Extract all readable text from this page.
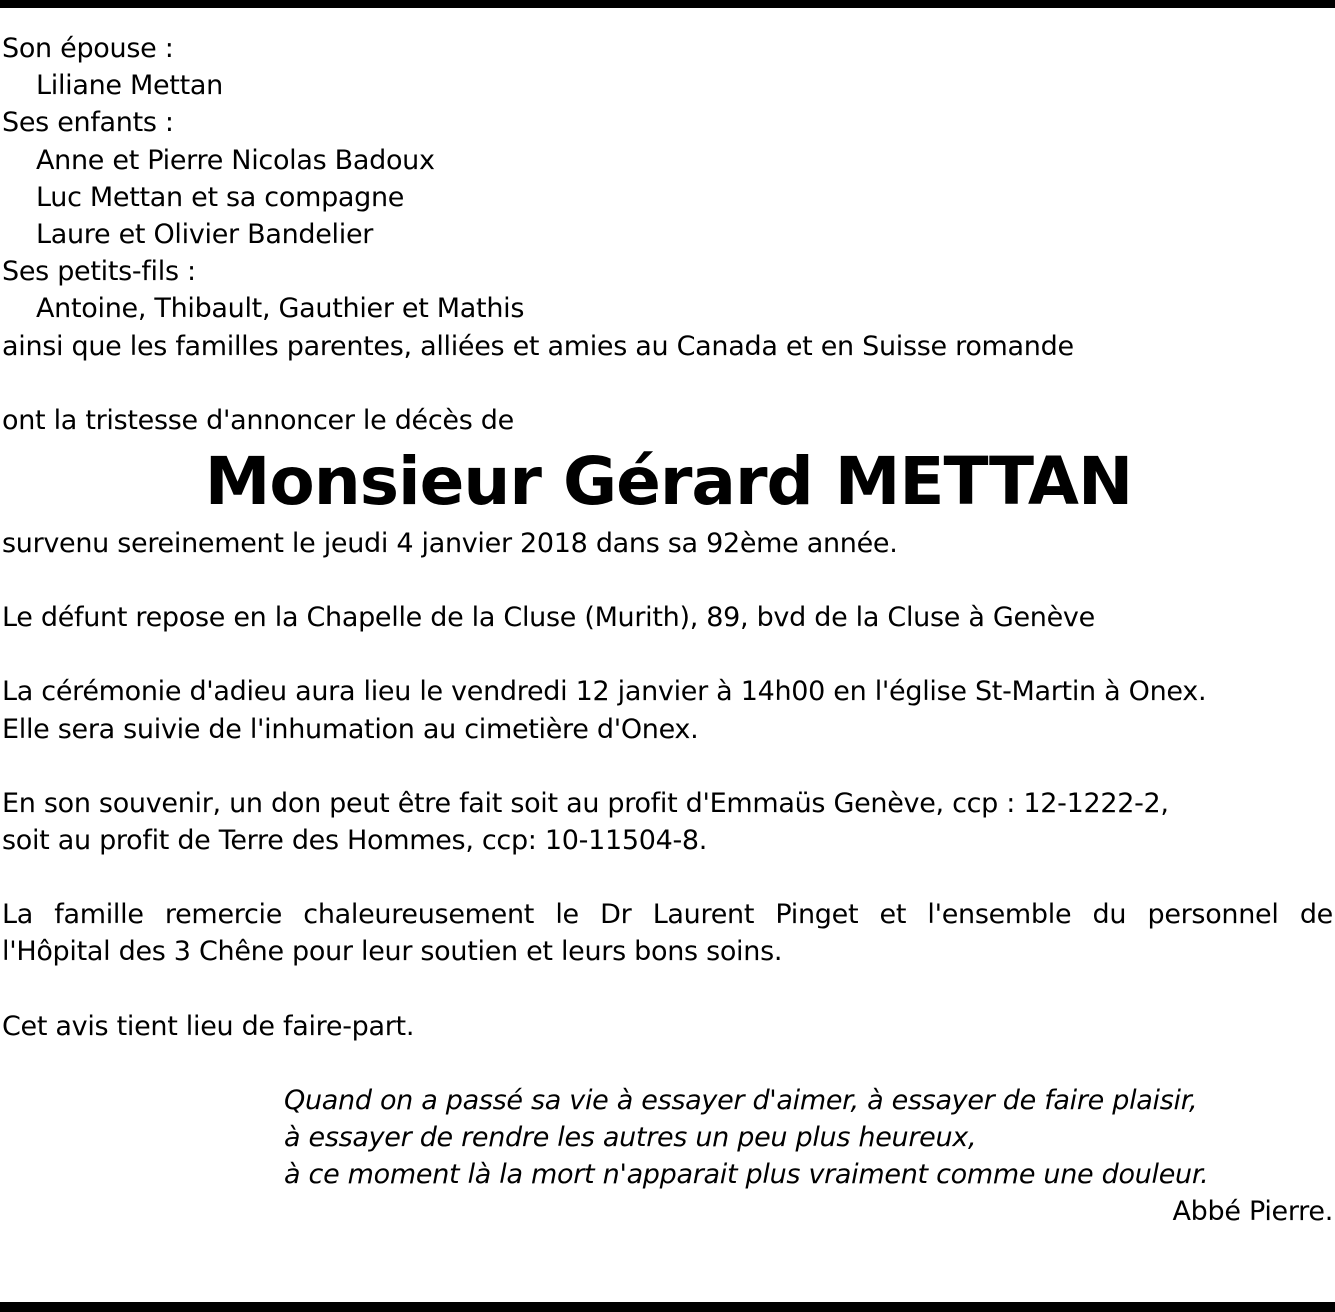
Son épouse :
Liliane Mettan
Ses enfants :
Anne et Pierre Nicolas Badoux
Luc Mettan et sa compagne
Laure et Olivier Bandelier
Ses petits-fils :
Antoine, Thibault, Gauthier et Mathis
ainsi que les familles parentes, alliées et amies au Canada et en Suisse romande
ont la tristesse d'annoncer le décès de
Monsieur Gérard METTAN
survenu sereinement le jeudi 4 janvier 2018 dans sa 92ème année.
Le défunt repose en la Chapelle de la Cluse (Murith), 89, bvd de la Cluse à Genève
La cérémonie d'adieu aura lieu le vendredi 12 janvier à 14h00 en l'église St-Martin à Onex.
Elle sera suivie de l'inhumation au cimetière d'Onex.
En son souvenir, un don peut être fait soit au profit d'Emmaüs Genève, ccp : 12-1222-2,
soit au profit de Terre des Hommes, ccp: 10-11504-8.
La famille remercie chaleureusement le Dr Laurent Pinget et l'ensemble du personnel de
l'Hôpital des 3 Chêne pour leur soutien et leurs bons soins.
Cet avis tient lieu de faire-part.
Quand on a passé sa vie à essayer d'aimer, à essayer de faire plaisir,
à essayer de rendre les autres un peu plus heureux,
à ce moment là la mort n'apparait plus vraiment comme une douleur.
Abbé Pierre.
